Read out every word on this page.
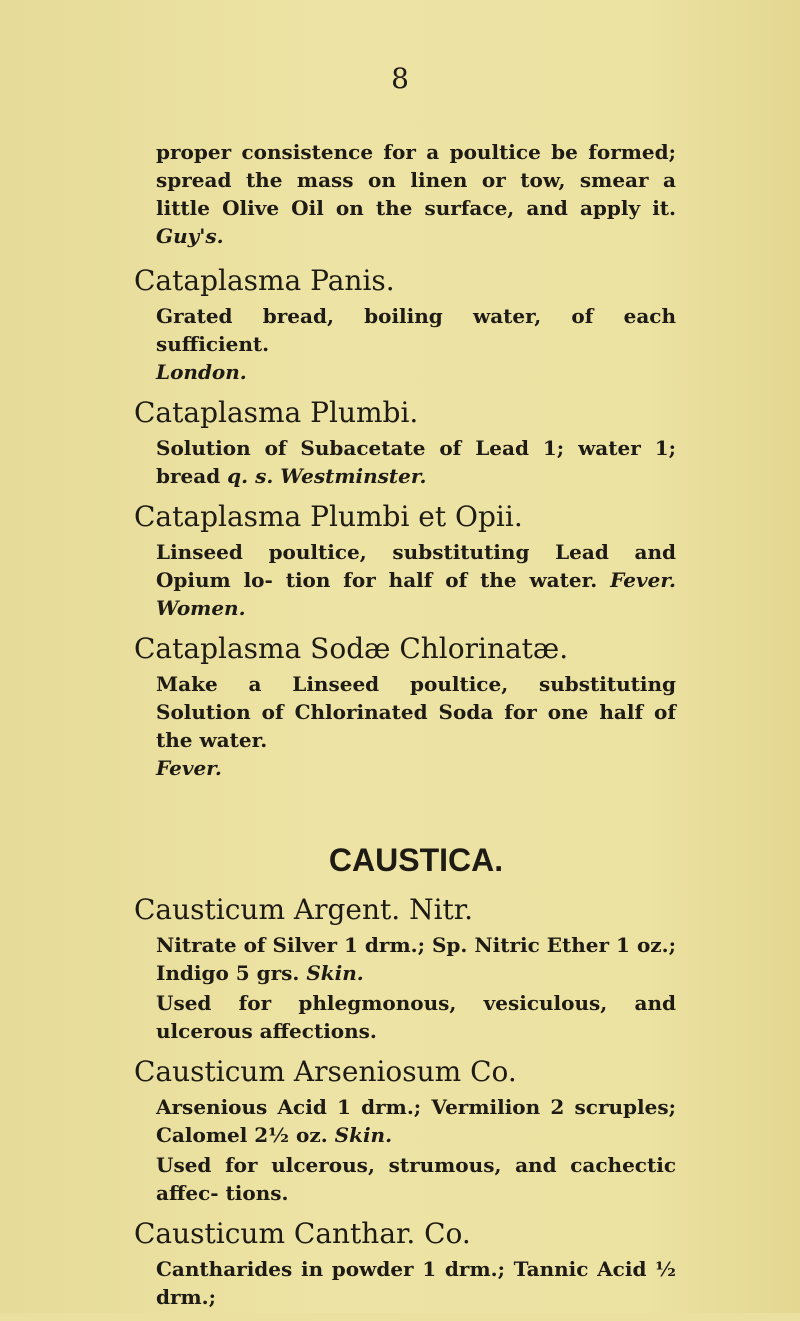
8
proper consistence for a poultice be formed; spread the mass on linen or tow, smear a little Olive Oil on the surface, and apply it. Guy's.
Cataplasma Panis.
Grated bread, boiling water, of each sufficient.
London.
Cataplasma Plumbi.
Solution of Subacetate of Lead 1; water 1; bread q. s. Westminster.
Cataplasma Plumbi et Opii.
Linseed poultice, substituting Lead and Opium lo- tion for half of the water. Fever. Women.
Cataplasma Sodæ Chlorinatæ.
Make a Linseed poultice, substituting Solution of Chlorinated Soda for one half of the water.
Fever.
CAUSTICA.
Causticum Argent. Nitr.
Nitrate of Silver 1 drm.; Sp. Nitric Ether 1 oz.; Indigo 5 grs. Skin.
Used for phlegmonous, vesiculous, and ulcerous affections.
Causticum Arseniosum Co.
Arsenious Acid 1 drm.; Vermilion 2 scruples; Calomel 2½ oz. Skin.
Used for ulcerous, strumous, and cachectic affec- tions.
Causticum Canthar. Co.
Cantharides in powder 1 drm.; Tannic Acid ½ drm.;
